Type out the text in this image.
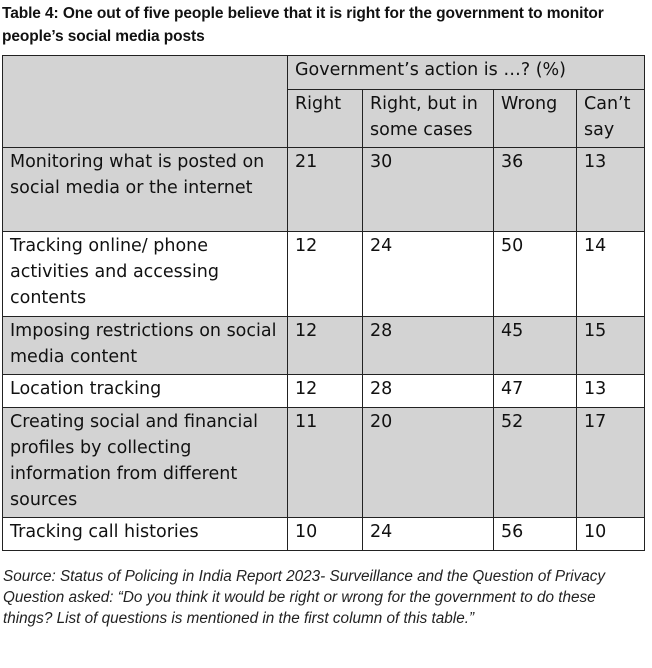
Table 4: One out of five people believe that it is right for the government to monitor people’s social media posts
	Government’s action is …? (%)			
	Right	Right, but in some cases	Wrong	Can’t say
Monitoring what is posted on social media or the internet	21	30	36	13
Tracking online/ phone activities and accessing contents	12	24	50	14
Imposing restrictions on social media content	12	28	45	15
Location tracking	12	28	47	13
Creating social and financial profiles by collecting information from different sources	11	20	52	17
Tracking call histories	10	24	56	10

Source: Status of Policing in India Report 2023- Surveillance and the Question of Privacy

Question asked: “Do you think it would be right or wrong for the government to do these things? List of questions is mentioned in the first column of this table.”
